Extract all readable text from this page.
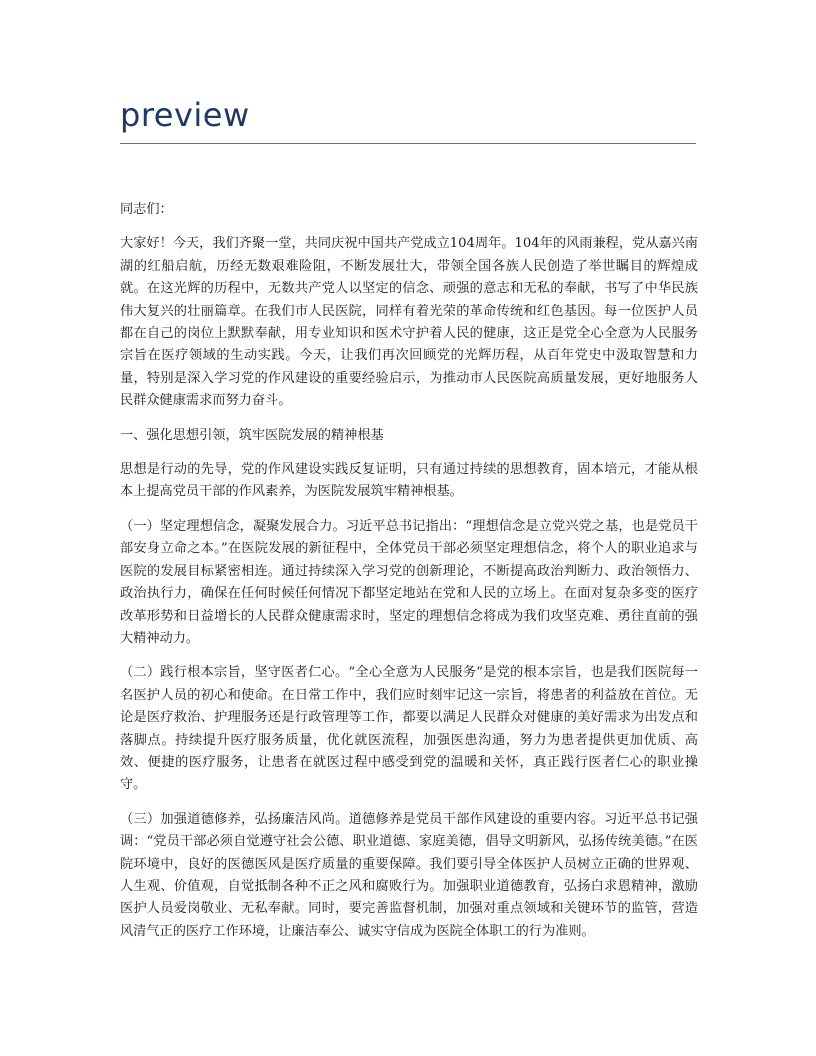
preview

同志们：

大家好！今天，我们齐聚一堂，共同庆祝中国共产党成立104周年。104年的风雨兼程，党从嘉兴南湖的红船启航，历经无数艰难险阻，不断发展壮大，带领全国各族人民创造了举世瞩目的辉煌成就。在这光辉的历程中，无数共产党人以坚定的信念、顽强的意志和无私的奉献，书写了中华民族伟大复兴的壮丽篇章。在我们市人民医院，同样有着光荣的革命传统和红色基因。每一位医护人员都在自己的岗位上默默奉献，用专业知识和医术守护着人民的健康，这正是党全心全意为人民服务宗旨在医疗领域的生动实践。今天，让我们再次回顾党的光辉历程，从百年党史中汲取智慧和力量，特别是深入学习党的作风建设的重要经验启示，为推动市人民医院高质量发展，更好地服务人民群众健康需求而努力奋斗。

一、强化思想引领，筑牢医院发展的精神根基

思想是行动的先导，党的作风建设实践反复证明，只有通过持续的思想教育，固本培元，才能从根本上提高党员干部的作风素养，为医院发展筑牢精神根基。

（一）坚定理想信念，凝聚发展合力。习近平总书记指出：“理想信念是立党兴党之基，也是党员干部安身立命之本。”在医院发展的新征程中，全体党员干部必须坚定理想信念，将个人的职业追求与医院的发展目标紧密相连。通过持续深入学习党的创新理论，不断提高政治判断力、政治领悟力、政治执行力，确保在任何时候任何情况下都坚定地站在党和人民的立场上。在面对复杂多变的医疗改革形势和日益增长的人民群众健康需求时，坚定的理想信念将成为我们攻坚克难、勇往直前的强大精神动力。

（二）践行根本宗旨，坚守医者仁心。“全心全意为人民服务”是党的根本宗旨，也是我们医院每一名医护人员的初心和使命。在日常工作中，我们应时刻牢记这一宗旨，将患者的利益放在首位。无论是医疗救治、护理服务还是行政管理等工作，都要以满足人民群众对健康的美好需求为出发点和落脚点。持续提升医疗服务质量，优化就医流程，加强医患沟通，努力为患者提供更加优质、高效、便捷的医疗服务，让患者在就医过程中感受到党的温暖和关怀，真正践行医者仁心的职业操守。

（三）加强道德修养，弘扬廉洁风尚。道德修养是党员干部作风建设的重要内容。习近平总书记强调：“党员干部必须自觉遵守社会公德、职业道德、家庭美德，倡导文明新风，弘扬传统美德。”在医院环境中，良好的医德医风是医疗质量的重要保障。我们要引导全体医护人员树立正确的世界观、人生观、价值观，自觉抵制各种不正之风和腐败行为。加强职业道德教育，弘扬白求恩精神，激励医护人员爱岗敬业、无私奉献。同时，要完善监督机制，加强对重点领域和关键环节的监管，营造风清气正的医疗工作环境，让廉洁奉公、诚实守信成为医院全体职工的行为准则。
